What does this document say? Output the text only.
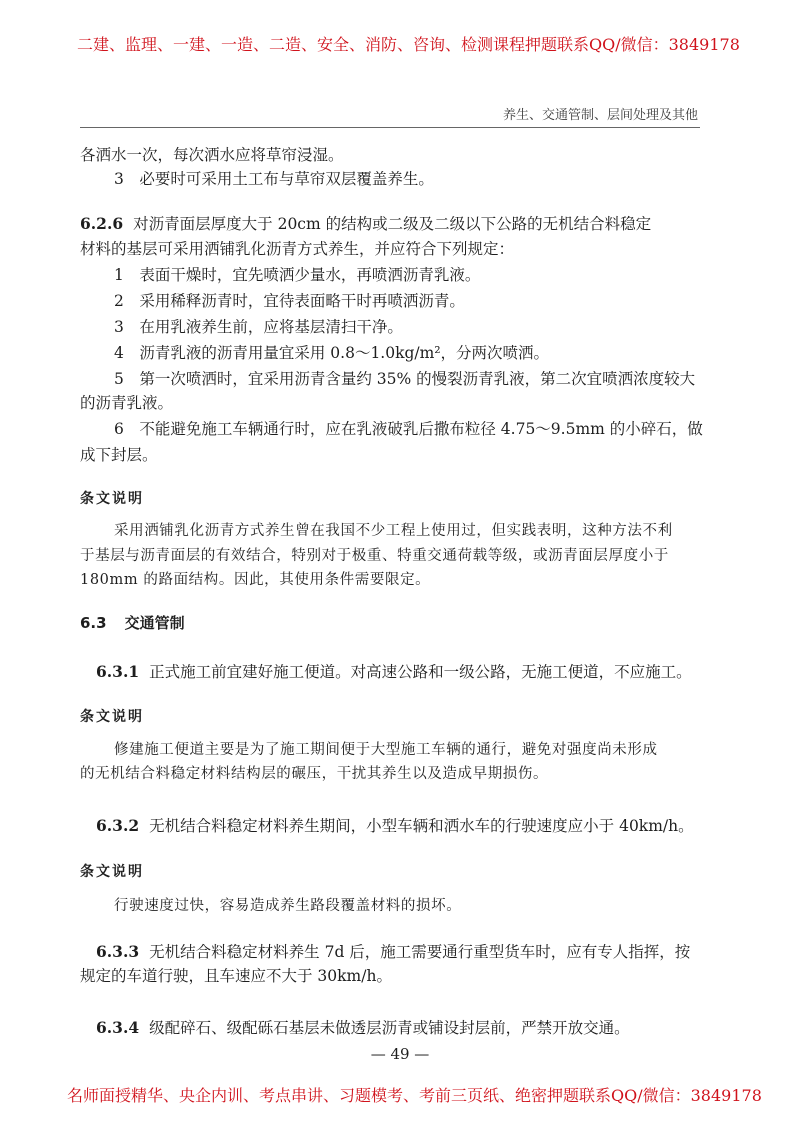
二建、监理、一建、一造、二造、安全、消防、咨询、检测课程押题联系QQ/微信：3849178
养生、交通管制、层间处理及其他
各洒水一次，每次洒水应将草帘浸湿。
3　必要时可采用土工布与草帘双层覆盖养生。
6.2.6 对沥青面层厚度大于 20cm 的结构或二级及二级以下公路的无机结合料稳定
材料的基层可采用洒铺乳化沥青方式养生，并应符合下列规定：
1　表面干燥时，宜先喷洒少量水，再喷洒沥青乳液。
2　采用稀释沥青时，宜待表面略干时再喷洒沥青。
3　在用乳液养生前，应将基层清扫干净。
4　沥青乳液的沥青用量宜采用 0.8～1.0kg/m²，分两次喷洒。
5　第一次喷洒时，宜采用沥青含量约 35% 的慢裂沥青乳液，第二次宜喷洒浓度较大
的沥青乳液。
6　不能避免施工车辆通行时，应在乳液破乳后撒布粒径 4.75～9.5mm 的小碎石，做
成下封层。
条文说明
采用洒铺乳化沥青方式养生曾在我国不少工程上使用过，但实践表明，这种方法不利
于基层与沥青面层的有效结合，特别对于极重、特重交通荷载等级，或沥青面层厚度小于
180mm 的路面结构。因此，其使用条件需要限定。
6.3 交通管制
6.3.1 正式施工前宜建好施工便道。对高速公路和一级公路，无施工便道，不应施工。
条文说明
修建施工便道主要是为了施工期间便于大型施工车辆的通行，避免对强度尚未形成
的无机结合料稳定材料结构层的碾压，干扰其养生以及造成早期损伤。
6.3.2 无机结合料稳定材料养生期间，小型车辆和洒水车的行驶速度应小于 40km/h。
条文说明
行驶速度过快，容易造成养生路段覆盖材料的损坏。
6.3.3 无机结合料稳定材料养生 7d 后，施工需要通行重型货车时，应有专人指挥，按
规定的车道行驶，且车速应不大于 30km/h。
6.3.4 级配碎石、级配砾石基层未做透层沥青或铺设封层前，严禁开放交通。
— 49 —
名师面授精华、央企内训、考点串讲、习题模考、考前三页纸、绝密押题联系QQ/微信：3849178
